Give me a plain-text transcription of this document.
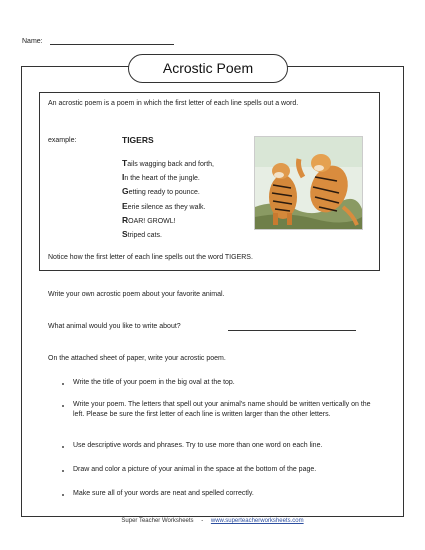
Name:
Acrostic Poem
An acrostic poem is a poem in which the first letter of each line spells out a word.
example:	TIGERS
Tails wagging back and forth,
In the heart of the jungle.
Getting ready to pounce.
Eerie silence as they walk.
ROAR! GROWL!
Striped cats.
Notice how the first letter of each line spells out the word TIGERS.
Write your own acrostic poem about your favorite animal.
What animal would you like to write about?
On the attached sheet of paper, write your acrostic poem.
Write the title of your poem in the big oval at the top.
Write your poem. The letters that spell out your animal's name should be written vertically on the left. Please be sure the first letter of each line is written larger than the other letters.
Use descriptive words and phrases. Try to use more than one word on each line.
Draw and color a picture of your animal in the space at the bottom of the page.
Make sure all of your words are neat and spelled correctly.
Super Teacher Worksheets - www.superteacherworksheets.com
